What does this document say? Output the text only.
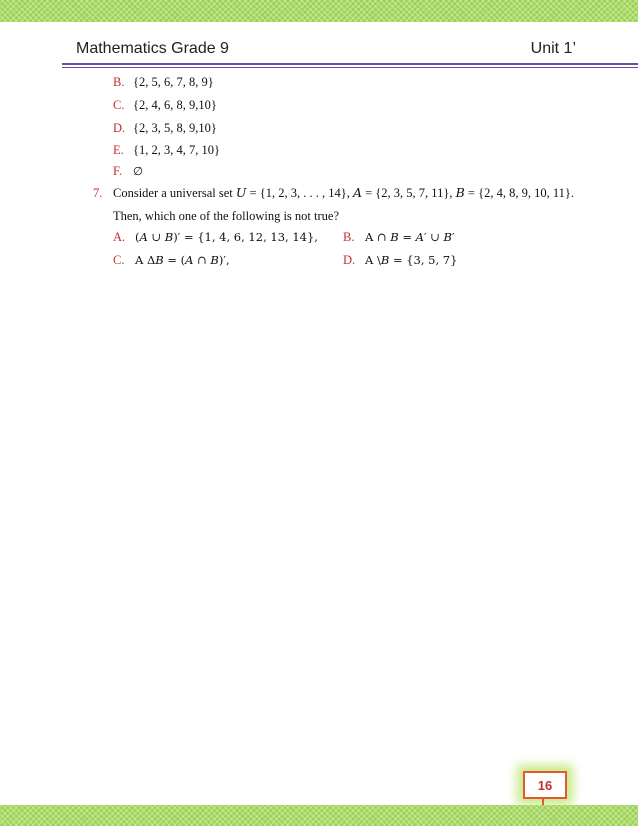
Mathematics Grade 9	Unit 1’
B. {2, 5, 6, 7, 8, 9}
C. {2, 4, 6, 8, 9,10}
D. {2, 3, 5, 8, 9,10}
E. {1, 2, 3, 4, 7, 10}
F. ∅
7. Consider a universal set 𝑈 = {1, 2, 3, . . . , 14}, 𝐴 = {2, 3, 5, 7, 11}, 𝐵 = {2, 4, 8, 9, 10, 11}.
Then, which one of the following is not true?
A. (𝐴 ∪ 𝐵)′ = {1, 4, 6, 12, 13, 14}, B. A ∩ 𝐵 = 𝐴′ ∪ 𝐵′
C. A Δ𝐵 = (𝐴 ∩ 𝐵)′,	D. A \𝐵 = {3, 5, 7}
16
